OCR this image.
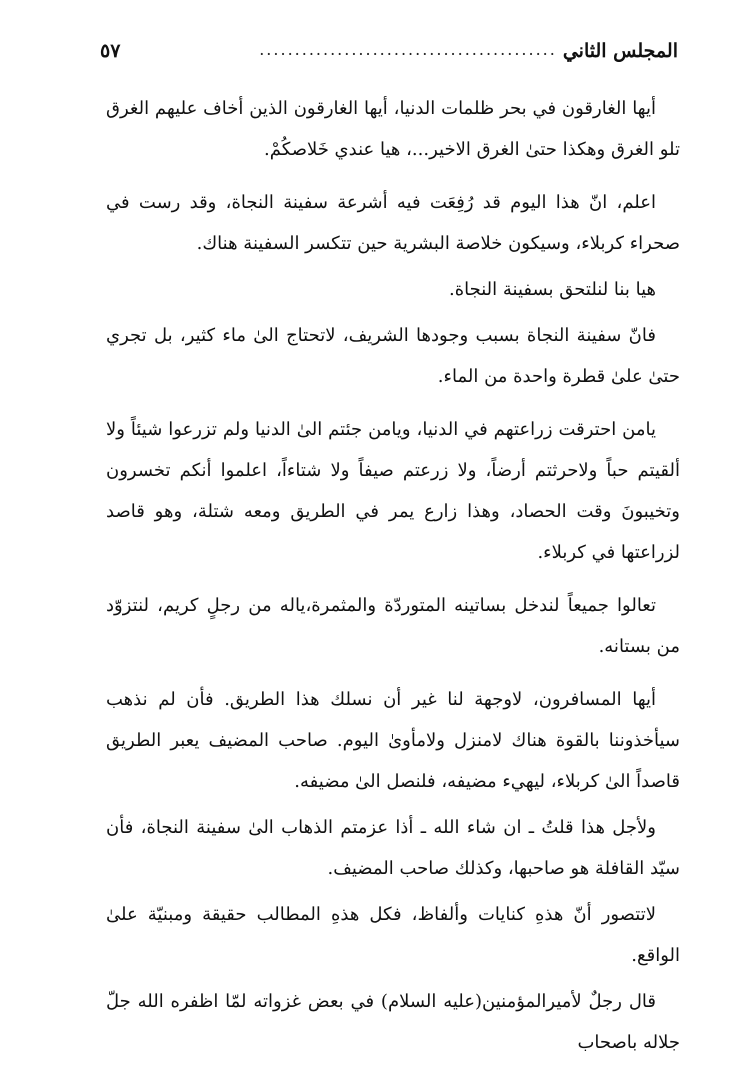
المجلس الثاني
..........................................
٥٧

أيها الغارقون في بحر ظلمات الدنيا، أيها الغارقون الذين أخاف عليهم الغرق تلو الغرق وهكذا حتىٰ الغرق الاخير...، هيا عندي خَلاصكُمْ.

اعلم، انّ هذا اليوم قد رُفِعَت فيه أشرعة سفينة النجاة، وقد رست في صحراء كربلاء، وسيكون خلاصة البشرية حين تتكسر السفينة هناك.

هيا بنا لنلتحق بسفينة النجاة.

فانّ سفينة النجاة بسبب وجودها الشريف، لاتحتاج الىٰ ماء كثير، بل تجري حتىٰ علىٰ قطرة واحدة من الماء.

يامن احترقت زراعتهم في الدنيا، ويامن جئتم الىٰ الدنيا ولم تزرعوا شيئاً ولا ألقيتم حباً ولاحرثتم أرضاً، ولا زرعتم صيفاً ولا شتاءاً، اعلموا أنكم تخسرون وتخيبونَ وقت الحصاد، وهذا زارع يمر في الطريق ومعه شتلة، وهو قاصد لزراعتها في كربلاء.

تعالوا جميعاً لندخل بساتينه المتوردّة والمثمرة،ياله من رجلٍ كريم، لنتزوّد من بستانه.

أيها المسافرون، لاوجهة لنا غير أن نسلك هذا الطريق. فأن لم نذهب سيأخذوننا بالقوة هناك لامنزل ولامأوىٰ اليوم. صاحب المضيف يعبر الطريق قاصداً الىٰ كربلاء، ليهيء مضيفه، فلنصل الىٰ مضيفه.

ولأجل هذا قلتُ ـ ان شاء الله ـ أذا عزمتم الذهاب الىٰ سفينة النجاة، فأن سيّد القافلة هو صاحبها، وكذلك صاحب المضيف.

لاتتصور أنّ هذهِ كنايات وألفاظ، فكل هذهِ المطالب حقيقة ومبنيّة علىٰ الواقع.

قال رجلٌ لأميرالمؤمنين(عليه السلام) في بعض غزواته لمّا اظفره الله جلّ جلاله باصحاب
